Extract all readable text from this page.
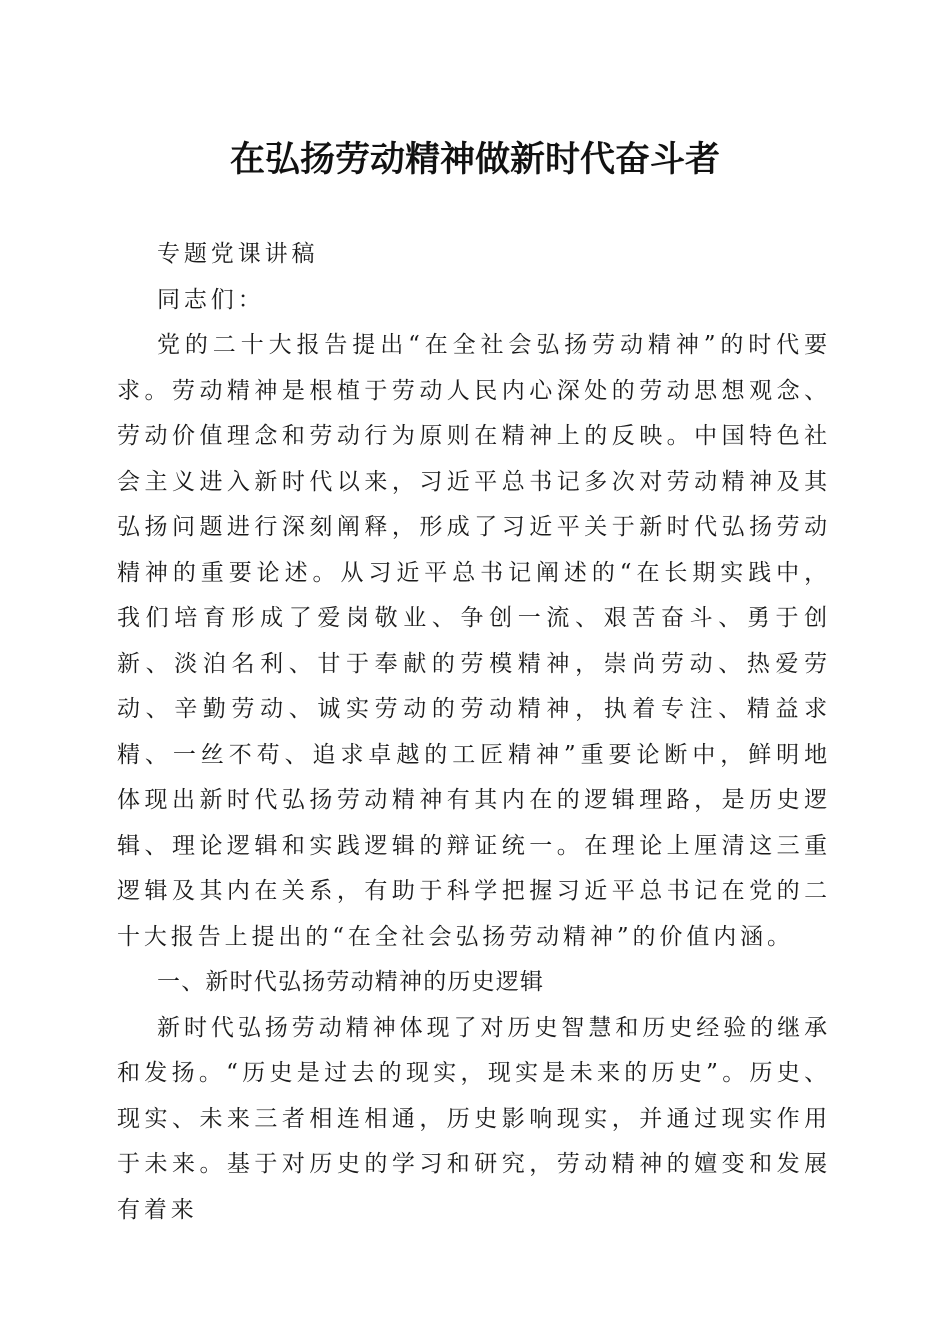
在弘扬劳动精神做新时代奋斗者

专题党课讲稿

同志们：

党的二十大报告提出“在全社会弘扬劳动精神”的时代要求。劳动精神是根植于劳动人民内心深处的劳动思想观念、劳动价值理念和劳动行为原则在精神上的反映。中国特色社会主义进入新时代以来，习近平总书记多次对劳动精神及其弘扬问题进行深刻阐释，形成了习近平关于新时代弘扬劳动精神的重要论述。从习近平总书记阐述的“在长期实践中，我们培育形成了爱岗敬业、争创一流、艰苦奋斗、勇于创新、淡泊名利、甘于奉献的劳模精神，崇尚劳动、热爱劳动、辛勤劳动、诚实劳动的劳动精神，执着专注、精益求精、一丝不苟、追求卓越的工匠精神”重要论断中，鲜明地体现出新时代弘扬劳动精神有其内在的逻辑理路，是历史逻辑、理论逻辑和实践逻辑的辩证统一。在理论上厘清这三重逻辑及其内在关系，有助于科学把握习近平总书记在党的二十大报告上提出的“在全社会弘扬劳动精神”的价值内涵。

一、新时代弘扬劳动精神的历史逻辑

新时代弘扬劳动精神体现了对历史智慧和历史经验的继承和发扬。“历史是过去的现实，现实是未来的历史”。历史、现实、未来三者相连相通，历史影响现实，并通过现实作用于未来。基于对历史的学习和研究，劳动精神的嬗变和发展有着来
